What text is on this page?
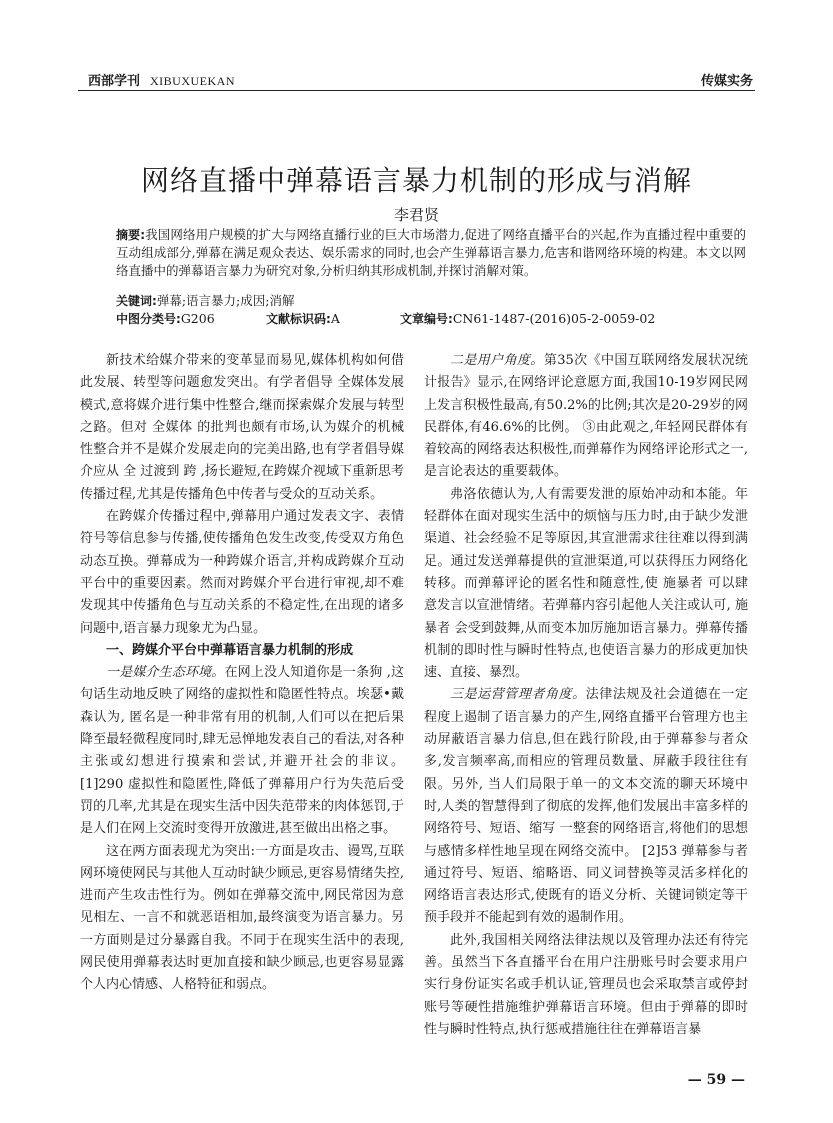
西部学刊 XIBUXUEKAN	传媒实务
网络直播中弹幕语言暴力机制的形成与消解
李君贤
摘要:我国网络用户规模的扩大与网络直播行业的巨大市场潜力,促进了网络直播平台的兴起,作为直播过程中重要的互动组成部分,弹幕在满足观众表达、娱乐需求的同时,也会产生弹幕语言暴力,危害和谐网络环境的构建。本文以网络直播中的弹幕语言暴力为研究对象,分析归纳其形成机制,并探讨消解对策。
关键词:弹幕;语言暴力;成因;消解
中图分类号:G206	文献标识码:A	文章编号:CN61-1487-(2016)05-2-0059-02

新技术给媒介带来的变革显而易见,媒体机构如何借此发展、转型等问题愈发突出。有学者倡导 全媒体发展模式,意将媒介进行集中性整合,继而探索媒介发展与转型之路。但对 全媒体 的批判也颇有市场,认为媒介的机械性整合并不是媒介发展走向的完美出路,也有学者倡导媒介应从 全 过渡到 跨 ,扬长避短,在跨媒介视域下重新思考传播过程,尤其是传播角色中传者与受众的互动关系。

在跨媒介传播过程中,弹幕用户通过发表文字、表情符号等信息参与传播,使传播角色发生改变,传受双方角色动态互换。弹幕成为一种跨媒介语言,并构成跨媒介互动平台中的重要因素。然而对跨媒介平台进行审视,却不难发现其中传播角色与互动关系的不稳定性,在出现的诸多问题中,语言暴力现象尤为凸显。

一、跨媒介平台中弹幕语言暴力机制的形成

一是媒介生态环境。在网上没人知道你是一条狗 ,这句话生动地反映了网络的虚拟性和隐匿性特点。埃瑟•戴森认为, 匿名是一种非常有用的机制,人们可以在把后果降至最轻微程度同时,肆无忌惮地发表自己的看法,对各种主张或幻想进行摸索和尝试,并避开社会的非议。 [1]290 虚拟性和隐匿性,降低了弹幕用户行为失范后受罚的几率,尤其是在现实生活中因失范带来的肉体惩罚,于是人们在网上交流时变得开放激进,甚至做出出格之事。

这在两方面表现尤为突出:一方面是攻击、谩骂,互联网环境使网民与其他人互动时缺少顾忌,更容易情绪失控,进而产生攻击性行为。例如在弹幕交流中,网民常因为意见相左、一言不和就恶语相加,最终演变为语言暴力。另一方面则是过分暴露自我。不同于在现实生活中的表现,网民使用弹幕表达时更加直接和缺少顾忌,也更容易显露个人内心情感、人格特征和弱点。

二是用户角度。第35次《中国互联网络发展状况统计报告》显示,在网络评论意愿方面,我国10-19岁网民网上发言积极性最高,有50.2%的比例;其次是20-29岁的网民群体,有46.6%的比例。 ③由此观之,年轻网民群体有着较高的网络表达积极性,而弹幕作为网络评论形式之一,是言论表达的重要载体。

弗洛依德认为,人有需要发泄的原始冲动和本能。年轻群体在面对现实生活中的烦恼与压力时,由于缺少发泄渠道、社会经验不足等原因,其宣泄需求往往难以得到满足。通过发送弹幕提供的宣泄渠道,可以获得压力网络化转移。而弹幕评论的匿名性和随意性,使 施暴者 可以肆意发言以宣泄情绪。若弹幕内容引起他人关注或认可, 施暴者 会受到鼓舞,从而变本加厉施加语言暴力。弹幕传播机制的即时性与瞬时性特点,也使语言暴力的形成更加快速、直接、暴烈。

三是运营管理者角度。法律法规及社会道德在一定程度上遏制了语言暴力的产生,网络直播平台管理方也主动屏蔽语言暴力信息,但在践行阶段,由于弹幕参与者众多,发言频率高,而相应的管理员数量、屏蔽手段往往有限。另外, 当人们局限于单一的文本交流的聊天环境中时,人类的智慧得到了彻底的发挥,他们发展出丰富多样的网络符号、短语、缩写 一整套的网络语言,将他们的思想与感情多样性地呈现在网络交流中。 [2]53 弹幕参与者通过符号、短语、缩略语、同义词替换等灵活多样化的网络语言表达形式,使既有的语义分析、关键词锁定等干预手段并不能起到有效的遏制作用。

此外,我国相关网络法律法规以及管理办法还有待完善。虽然当下各直播平台在用户注册账号时会要求用户实行身份证实名或手机认证,管理员也会采取禁言或停封账号等硬性措施维护弹幕语言环境。但由于弹幕的即时性与瞬时性特点,执行惩戒措施往往在弹幕语言暴

— 59 —
